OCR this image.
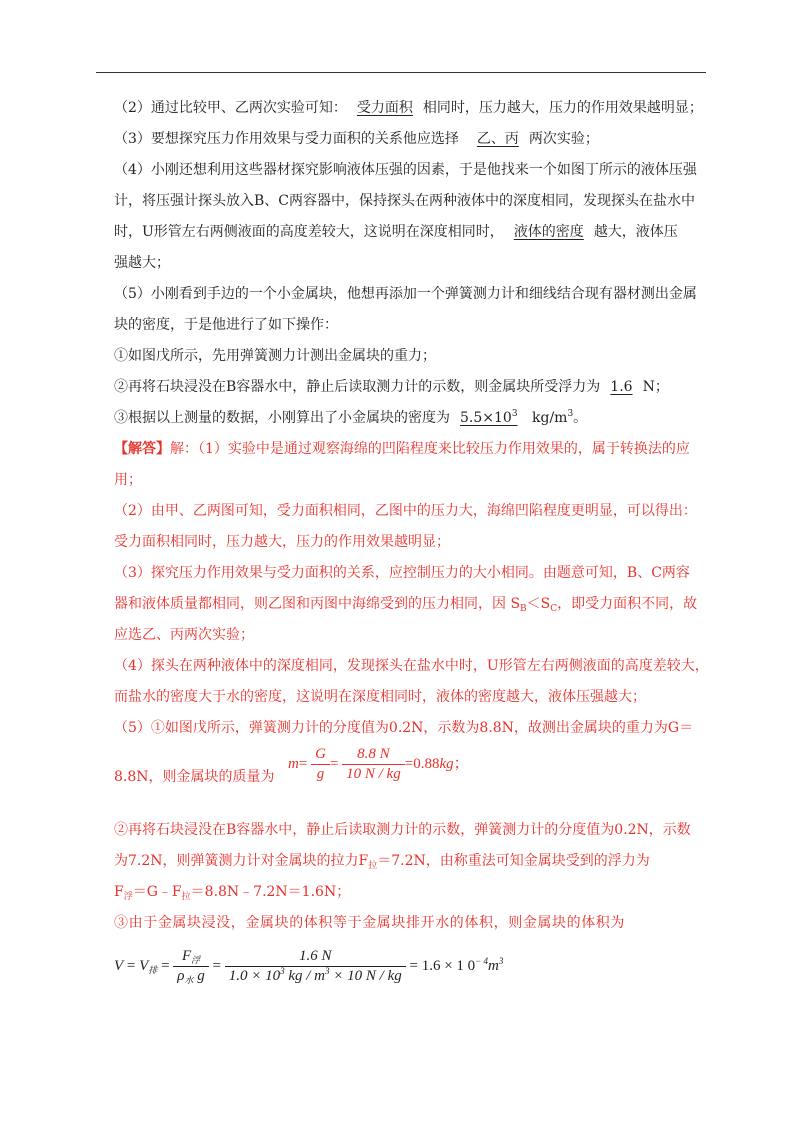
（2）通过比较甲、乙两次实验可知： 受力面积 相同时，压力越大，压力的作用效果越明显；
（3）要想探究压力作用效果与受力面积的关系他应选择 乙、丙 两次实验；
（4）小刚还想利用这些器材探究影响液体压强的因素，于是他找来一个如图丁所示的液体压强
计，将压强计探头放入B、C两容器中，保持探头在两种液体中的深度相同，发现探头在盐水中
时，U形管左右两侧液面的高度差较大，这说明在深度相同时， 液体的密度 越大，液体压
强越大；
（5）小刚看到手边的一个小金属块，他想再添加一个弹簧测力计和细线结合现有器材测出金属
块的密度，于是他进行了如下操作：
①如图戊所示，先用弹簧测力计测出金属块的重力；
②再将石块浸没在B容器水中，静止后读取测力计的示数，则金属块所受浮力为 1.6 N；
③根据以上测量的数据，小刚算出了小金属块的密度为 $5.5\times 10^3$ $kg/m^3$。
【解答】解：（1）实验中是通过观察海绵的凹陷程度来比较压力作用效果的，属于转换法的应
用；
（2）由甲、乙两图可知，受力面积相同，乙图中的压力大，海绵凹陷程度更明显，可以得出：
受力面积相同时，压力越大，压力的作用效果越明显；
（3）探究压力作用效果与受力面积的关系，应控制压力的大小相同。由题意可知，B、C两容
器和液体质量都相同，则乙图和丙图中海绵受到的压力相同，因 $S_B<S_C$，即受力面积不同，故
应选乙、丙两次实验；
（4）探头在两种液体中的深度相同，发现探头在盐水中时，U形管左右两侧液面的高度差较大，
而盐水的密度大于水的密度，这说明在深度相同时，液体的密度越大，液体压强越大；
（5）①如图戊所示，弹簧测力计的分度值为0.2N，示数为8.8N，故测出金属块的重力为G＝
8.8N，则金属块的质量为
$m= \frac{G}{g} = \frac{8.8 N}{10 N / kg} =0.88kg$；
②再将石块浸没在B容器水中，静止后读取测力计的示数，弹簧测力计的分度值为0.2N，示数
为7.2N，则弹簧测力计对金属块的拉力$F_拉=7.2N$，由称重法可知金属块受到的浮力为
$F_浮=G﹣F_拉=8.8N﹣7.2N=1.6N$；
③由于金属块浸没，金属块的体积等于金属块排开水的体积，则金属块的体积为
$V = V_排 = \frac{F_浮}{\rho_水 g} = \frac{1.6 N}{1.0 \times 10^3 kg / m^3 \times 10 N / kg} = 1.6 \times 1$ $0^{- 4}m^3$
